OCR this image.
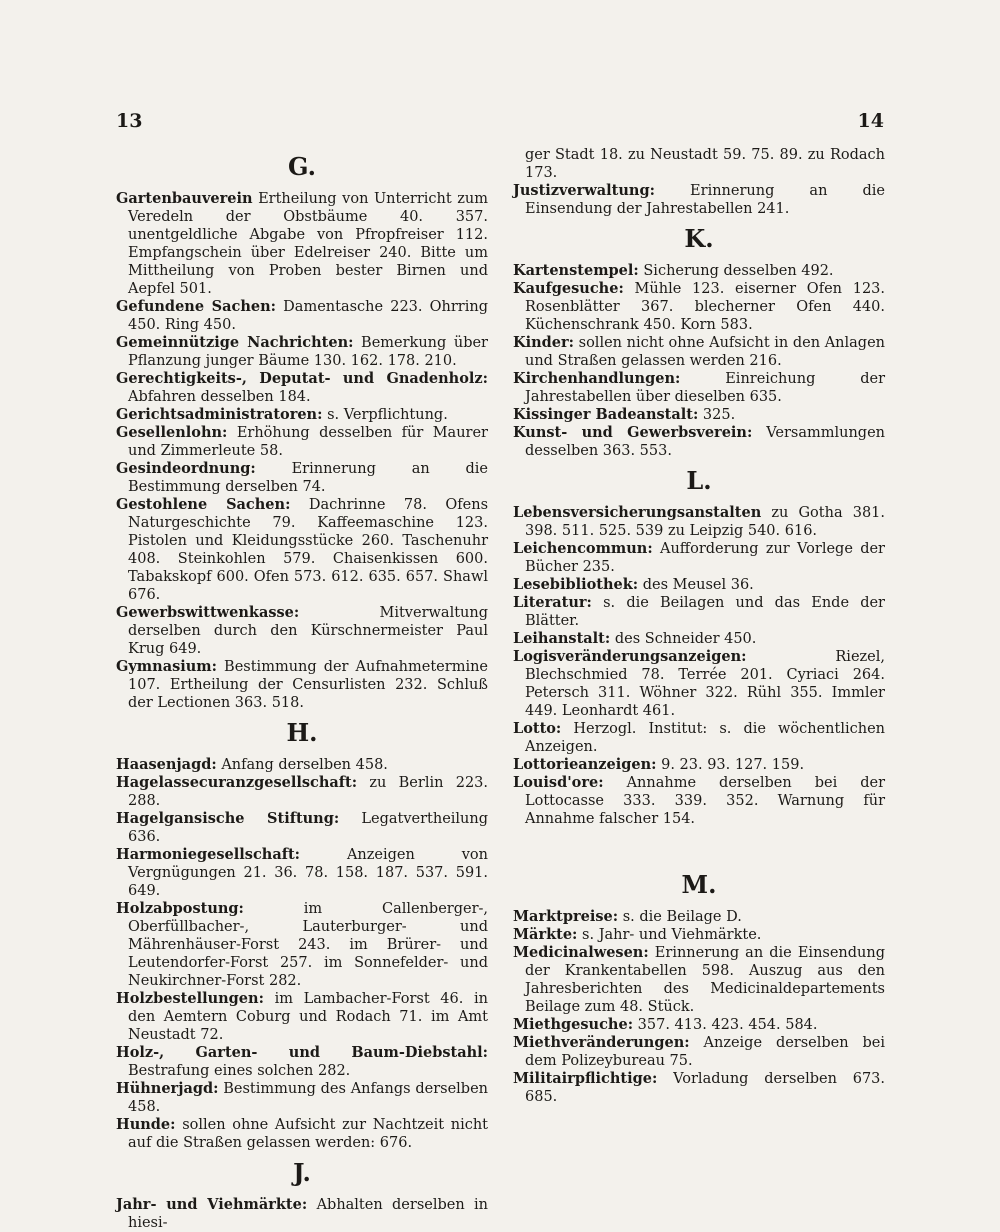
13	14
G.

Gartenbauverein Ertheilung von Unterricht zum Veredeln der Obstbäume 40. 357. unentgeldliche Abgabe von Pfropfreiser 112. Empfangschein über Edelreiser 240. Bitte um Mittheilung von Proben bester Birnen und Aepfel 501.

Gefundene Sachen: Damentasche 223. Ohrring 450. Ring 450.

Gemeinnützige Nachrichten: Bemerkung über Pflanzung junger Bäume 130. 162. 178. 210.

Gerechtigkeits-, Deputat- und Gnadenholz: Abfahren desselben 184.

Gerichtsadministratoren: s. Verpflichtung.

Gesellenlohn: Erhöhung desselben für Maurer und Zimmerleute 58.

Gesindeordnung: Erinnerung an die Bestimmung derselben 74.

Gestohlene Sachen: Dachrinne 78. Ofens Naturgeschichte 79. Kaffeemaschine 123. Pistolen und Kleidungsstücke 260. Taschenuhr 408. Steinkohlen 579. Chaisenkissen 600. Tabakskopf 600. Ofen 573. 612. 635. 657. Shawl 676.

Gewerbswittwenkasse:	Mitverwaltung derselben durch den Kürschnermeister Paul Krug 649.

Gymnasium: Bestimmung der Aufnahmetermine 107. Ertheilung der Censurlisten 232. Schluß der Lectionen 363. 518.

H.

Haasenjagd: Anfang derselben 458.

Hagelassecuranzgesellschaft: zu Berlin 223. 288.

Hagelgansische Stiftung: Legatvertheilung 636.

Harmoniegesellschaft:	Anzeigen von Vergnügungen 21. 36. 78. 158. 187. 537. 591. 649.

Holzabpostung:	im Callenberger-, Oberfüllbacher-, Lauterburger- und Mährenhäuser-Forst 243. im Brürer- und Leutendorfer-Forst 257. im Sonnefelder- und Neukirchner-Forst 282.

Holzbestellungen: im Lambacher-Forst 46. in den Aemtern Coburg und Rodach 71. im Amt Neustadt 72.

Holz-, Garten- und Baum-Diebstahl: Bestrafung eines solchen 282.

Hühnerjagd: Bestimmung des Anfangs derselben 458.

Hunde: sollen ohne Aufsicht zur Nachtzeit nicht auf die Straßen gelassen werden: 676.

J.

Jahr- und Viehmärkte: Abhalten derselben in hiesi-

ger Stadt 18. zu Neustadt 59. 75. 89. zu Rodach 173.

Justizverwaltung: Erinnerung an die Einsendung der Jahrestabellen 241.

K.

Kartenstempel: Sicherung desselben 492.

Kaufgesuche: Mühle 123. eiserner Ofen 123. Rosenblätter 367. blecherner Ofen 440. Küchenschrank 450. Korn 583.

Kinder: sollen nicht ohne Aufsicht in den Anlagen und Straßen gelassen werden 216.

Kirchenhandlungen:	Einreichung der Jahrestabellen über dieselben 635.

Kissinger Badeanstalt: 325.

Kunst- und Gewerbsverein: Versammlungen desselben 363. 553.

L.

Lebensversicherungsanstalten zu Gotha 381. 398. 511. 525. 539 zu Leipzig 540. 616.

Leichencommun: Aufforderung zur Vorlege der Bücher 235.

Lesebibliothek: des Meusel 36.

Literatur: s. die Beilagen und das Ende der Blätter.

Leihanstalt: des Schneider 450.

Logisveränderungsanzeigen:	Riezel, Blechschmied 78. Terrée 201. Cyriaci 264. Petersch 311. Wöhner 322. Rühl 355. Immler 449. Leonhardt 461.

Lotto: Herzogl. Institut: s. die wöchentlichen Anzeigen.

Lottorieanzeigen: 9. 23. 93. 127. 159.

Louisd'ore: Annahme derselben bei der Lottocasse 333. 339. 352. Warnung für Annahme falscher 154.

M.

Marktpreise: s. die Beilage D.

Märkte: s. Jahr- und Viehmärkte.

Medicinalwesen: Erinnerung an die Einsendung der Krankentabellen 598. Auszug aus den Jahresberichten des Medicinaldepartements Beilage zum 48. Stück.

Miethgesuche: 357. 413. 423. 454. 584.

Miethveränderungen: Anzeige derselben bei dem Polizeybureau 75.

Militairpflichtige: Vorladung derselben 673. 685.
